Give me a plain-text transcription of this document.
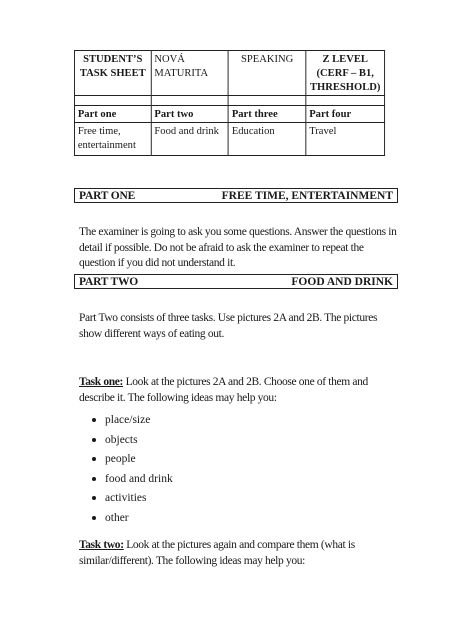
STUDENT’S TASK SHEET	NOVÁ MATURITA	SPEAKING	Z LEVEL (CERF – B1, THRESHOLD)

Part one	Part two	Part three	Part four
Free time, entertainment	Food and drink	Education	Travel
PART ONE	FREE TIME, ENTERTAINMENT
The examiner is going to ask you some questions. Answer the questions in detail if possible. Do not be afraid to ask the examiner to repeat the question if you did not understand it.
PART TWO	FOOD AND DRINK
Part Two consists of three tasks. Use pictures 2A and 2B. The pictures show different ways of eating out.
Task one: Look at the pictures 2A and 2B. Choose one of them and describe it. The following ideas may help you:
place/size
objects
people
food and drink
activities
other
Task two: Look at the pictures again and compare them (what is similar/different). The following ideas may help you:
